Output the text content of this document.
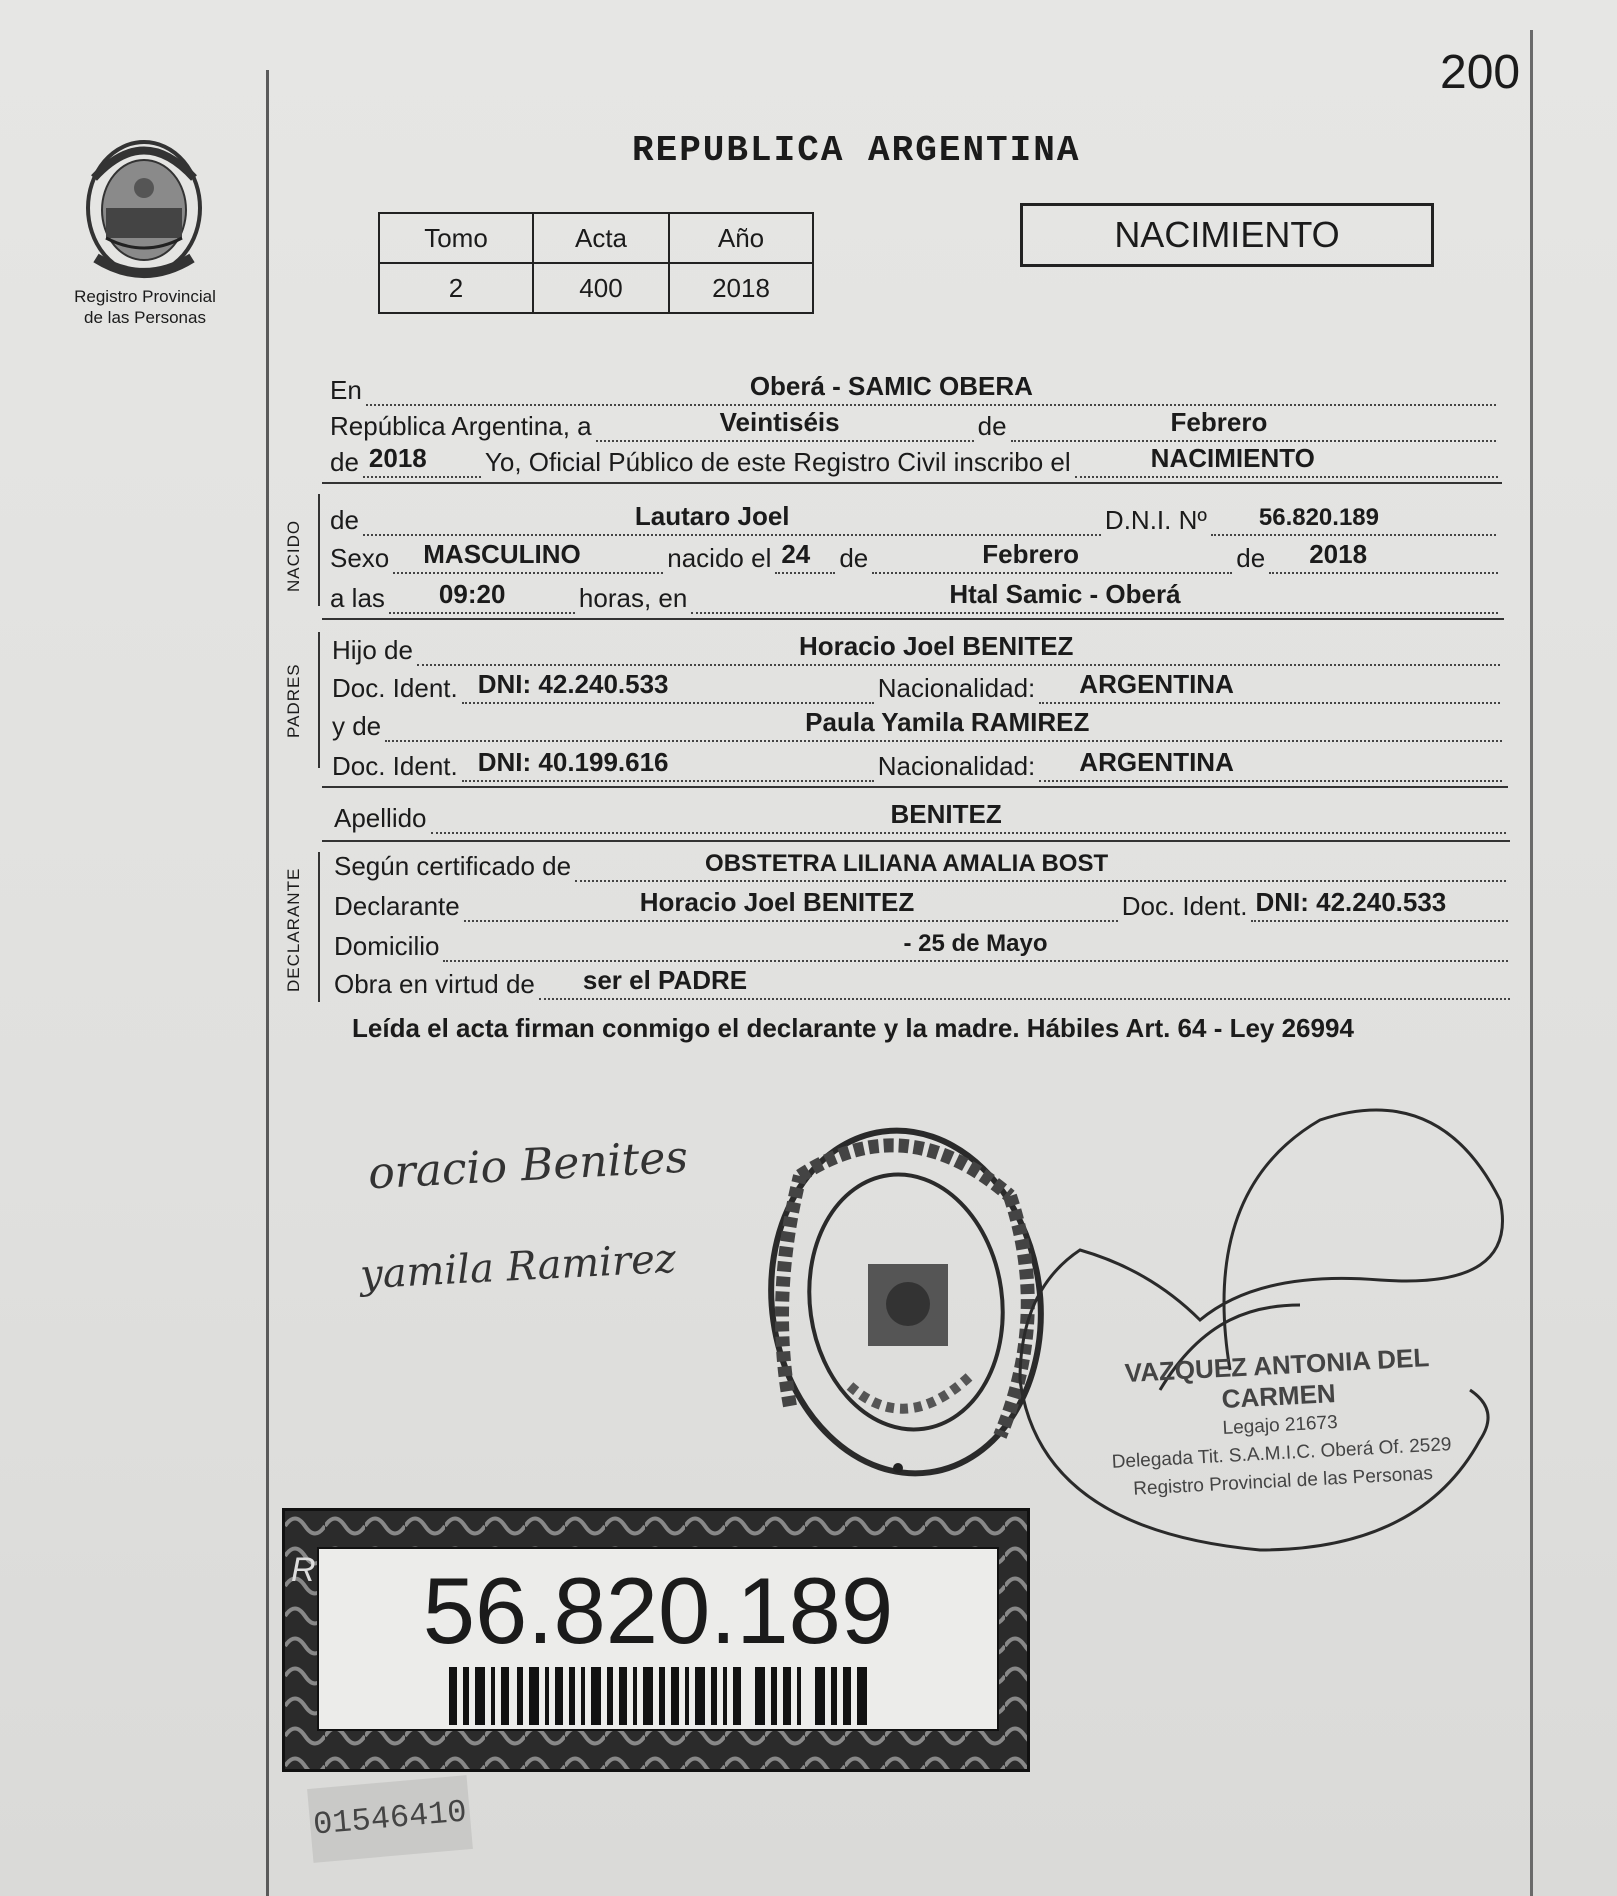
200
Registro Provincial
de las Personas
REPUBLICA ARGENTINA
Tomo	Acta	Año
2	400	2018
NACIMIENTO
En	Oberá - SAMIC OBERA
República Argentina, a	Veintiséis	de	Febrero
de 2018 Yo, Oficial Público de este Registro Civil inscribo el	NACIMIENTO
NACIDO de	Lautaro Joel	D.N.I. Nº 56.820.189
Sexo MASCULINO	nacido el 24 de	Febrero	de 2018
a las 09:20	horas, en	Htal Samic - Oberá
PADRES
Hijo de	Horacio Joel BENITEZ
Doc. Ident. DNI: 42.240.533	Nacionalidad: ARGENTINA
y de	Paula Yamila RAMIREZ
Doc. Ident. DNI: 40.199.616	Nacionalidad: ARGENTINA
Apellido	BENITEZ
DECLARANTE
Según certificado de	OBSTETRA LILIANA AMALIA BOST
Declarante	Horacio Joel BENITEZ	Doc. Ident. DNI: 42.240.533
Domicilio	- 25 de Mayo
Obra en virtud de ser el PADRE
Leída el acta firman conmigo el declarante y la madre. Hábiles Art. 64 - Ley 26994
oracio Benites
yamila Ramirez
VAZQUEZ ANTONIA DEL CARMEN
Legajo 21673
Delegada Tit. S.A.M.I.C. Oberá Of. 2529
Registro Provincial de las Personas
R	56.820.189
01546410
